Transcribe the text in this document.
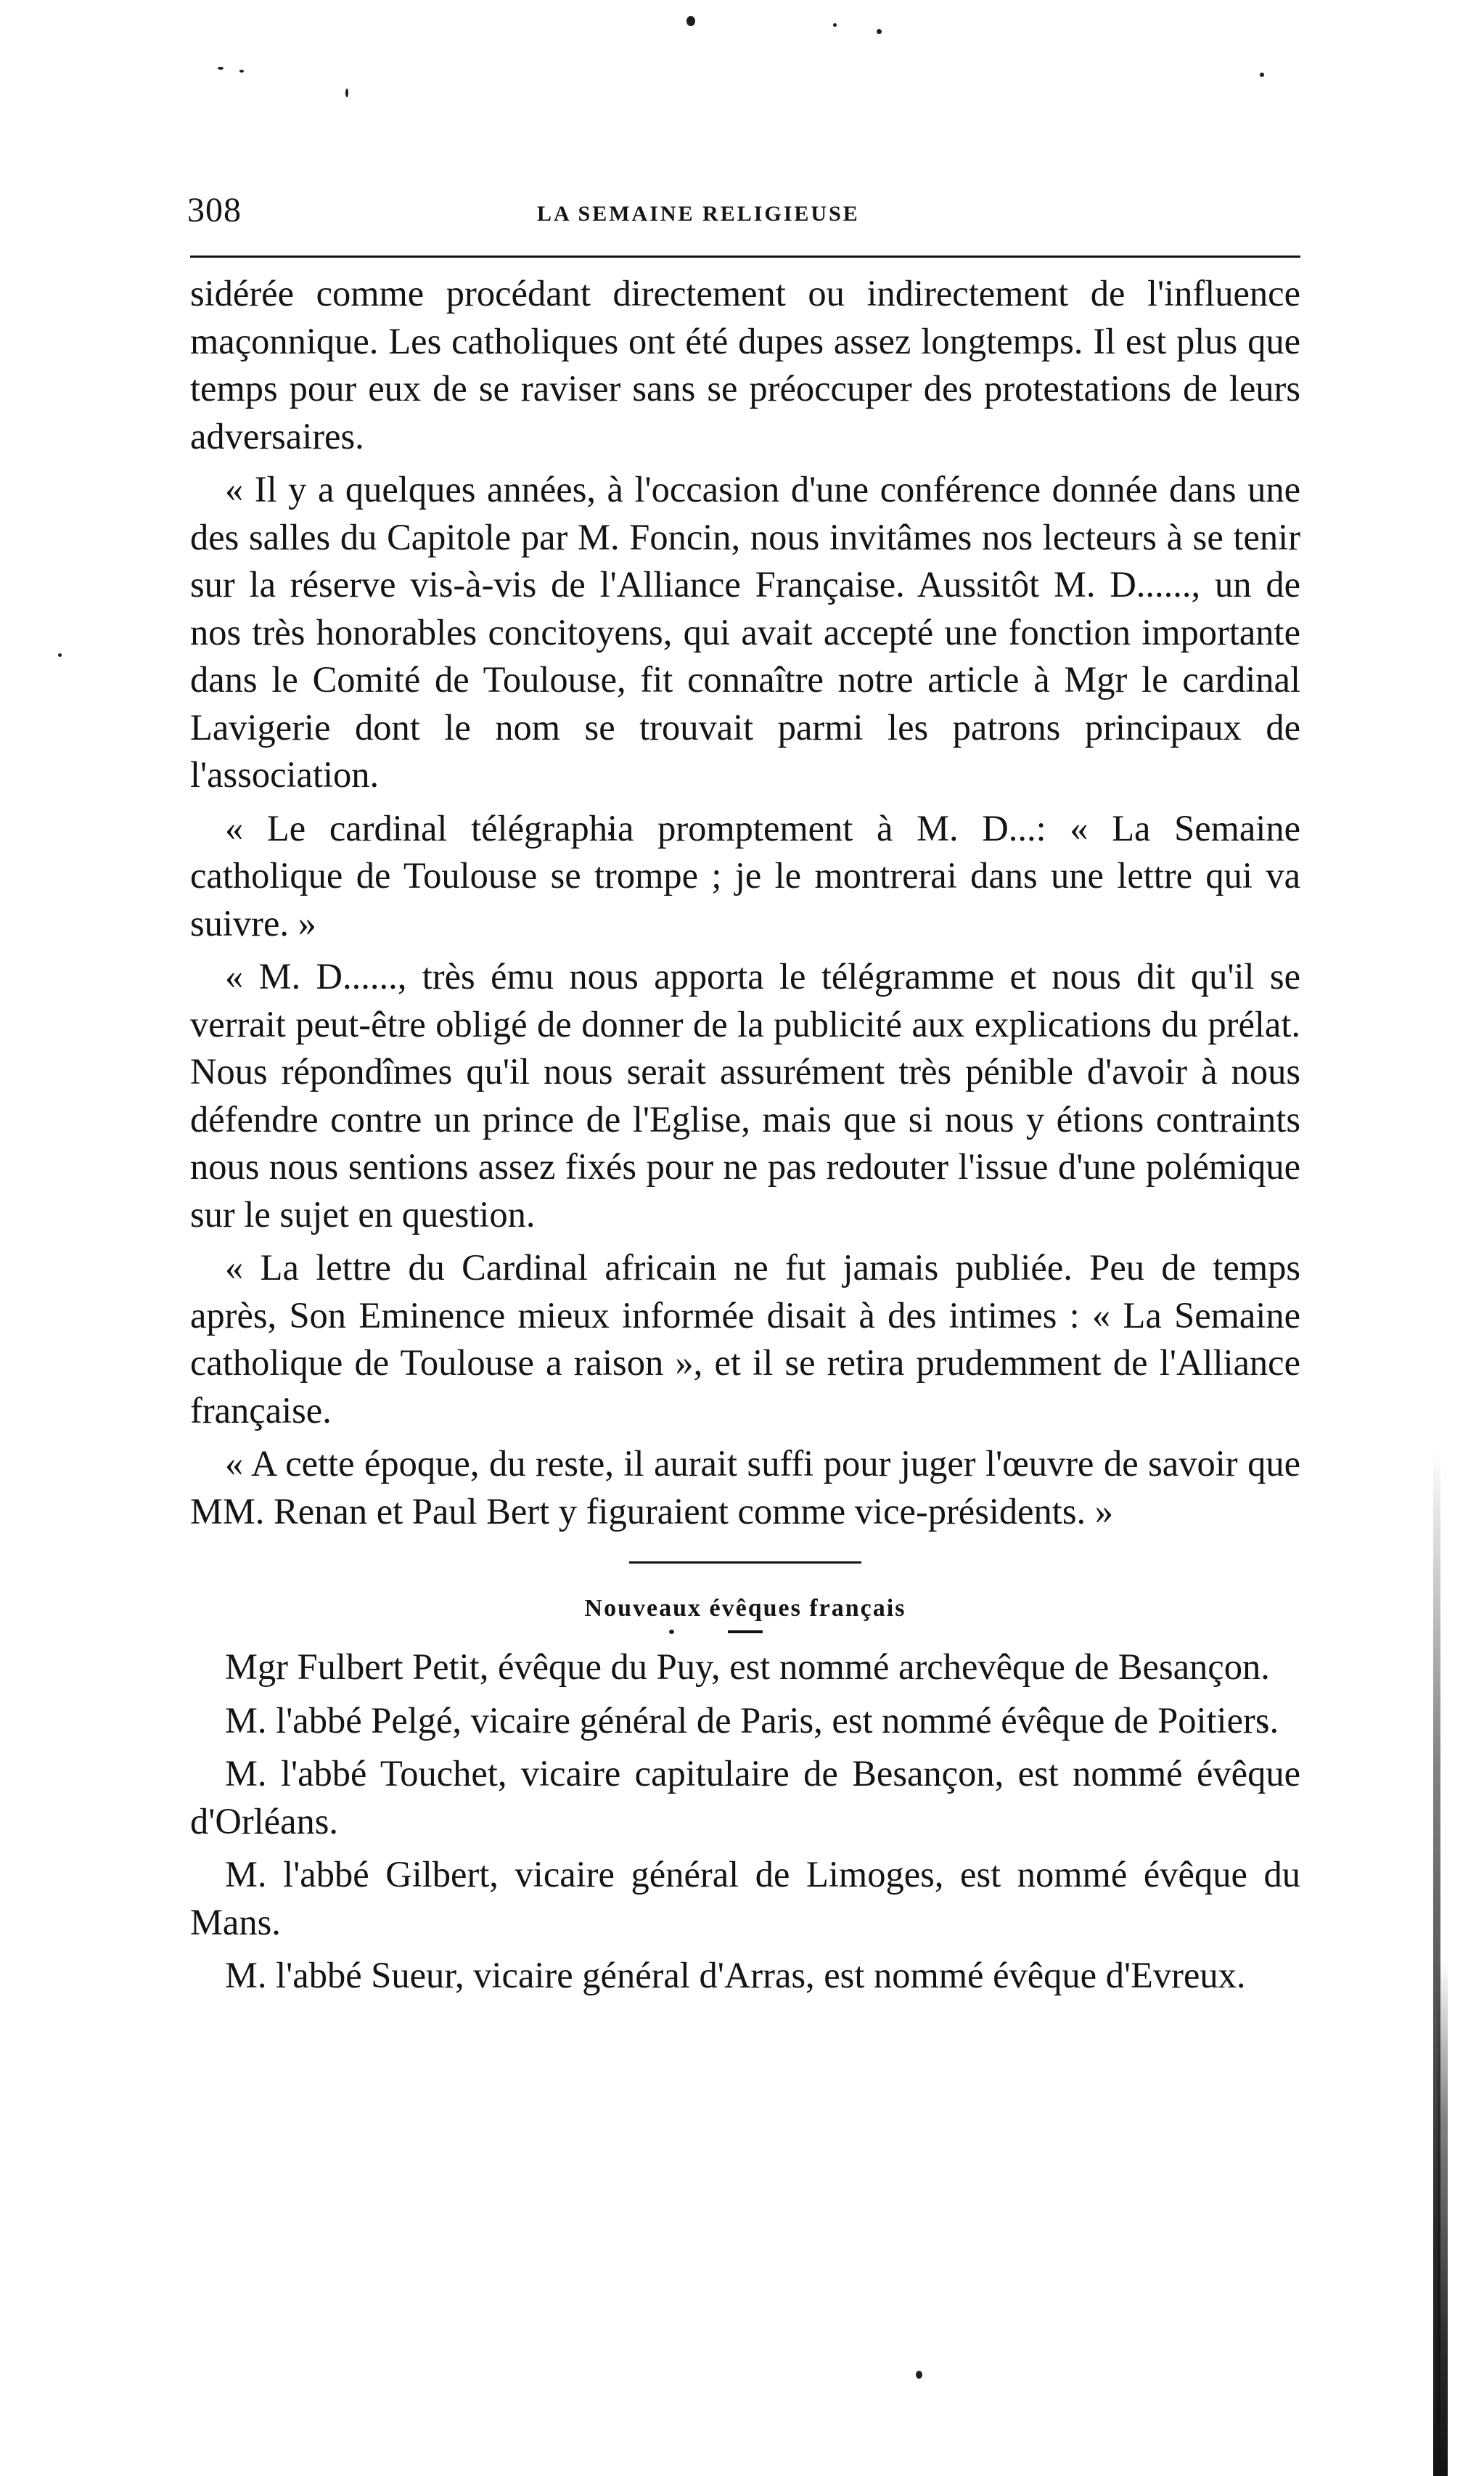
308	LA SEMAINE RELIGIEUSE

sidérée comme procédant directement ou indirectement de l'influence maçonnique. Les catholiques ont été dupes assez longtemps. Il est plus que temps pour eux de se raviser sans se préoccuper des protestations de leurs adversaires.

« Il y a quelques années, à l'occasion d'une conférence donnée dans une des salles du Capitole par M. Foncin, nous invitâmes nos lecteurs à se tenir sur la réserve vis-à-vis de l'Alliance Française. Aussitôt M. D......, un de nos très honorables concitoyens, qui avait accepté une fonction importante dans le Comité de Toulouse, fit connaître notre article à Mgr le cardinal Lavigerie dont le nom se trouvait parmi les patrons principaux de l'association.

« Le cardinal télégraphia promptement à M. D...: « La Semaine catholique de Toulouse se trompe ; je le montrerai dans une lettre qui va suivre. »

« M. D......, très ému nous apporta le télégramme et nous dit qu'il se verrait peut-être obligé de donner de la publicité aux explications du prélat. Nous répondîmes qu'il nous serait assurément très pénible d'avoir à nous défendre contre un prince de l'Eglise, mais que si nous y étions contraints nous nous sentions assez fixés pour ne pas redouter l'issue d'une polémique sur le sujet en question.

« La lettre du Cardinal africain ne fut jamais publiée. Peu de temps après, Son Eminence mieux informée disait à des intimes : « La Semaine catholique de Toulouse a raison », et il se retira prudemment de l'Alliance française.

« A cette époque, du reste, il aurait suffi pour juger l'œuvre de savoir que MM. Renan et Paul Bert y figuraient comme vice-présidents. »

Nouveaux évêques français

Mgr Fulbert Petit, évêque du Puy, est nommé archevêque de Besançon.

M. l'abbé Pelgé, vicaire général de Paris, est nommé évêque de Poitiers.

M. l'abbé Touchet, vicaire capitulaire de Besançon, est nommé évêque d'Orléans.

M. l'abbé Gilbert, vicaire général de Limoges, est nommé évêque du Mans.

M. l'abbé Sueur, vicaire général d'Arras, est nommé évêque d'Evreux.
